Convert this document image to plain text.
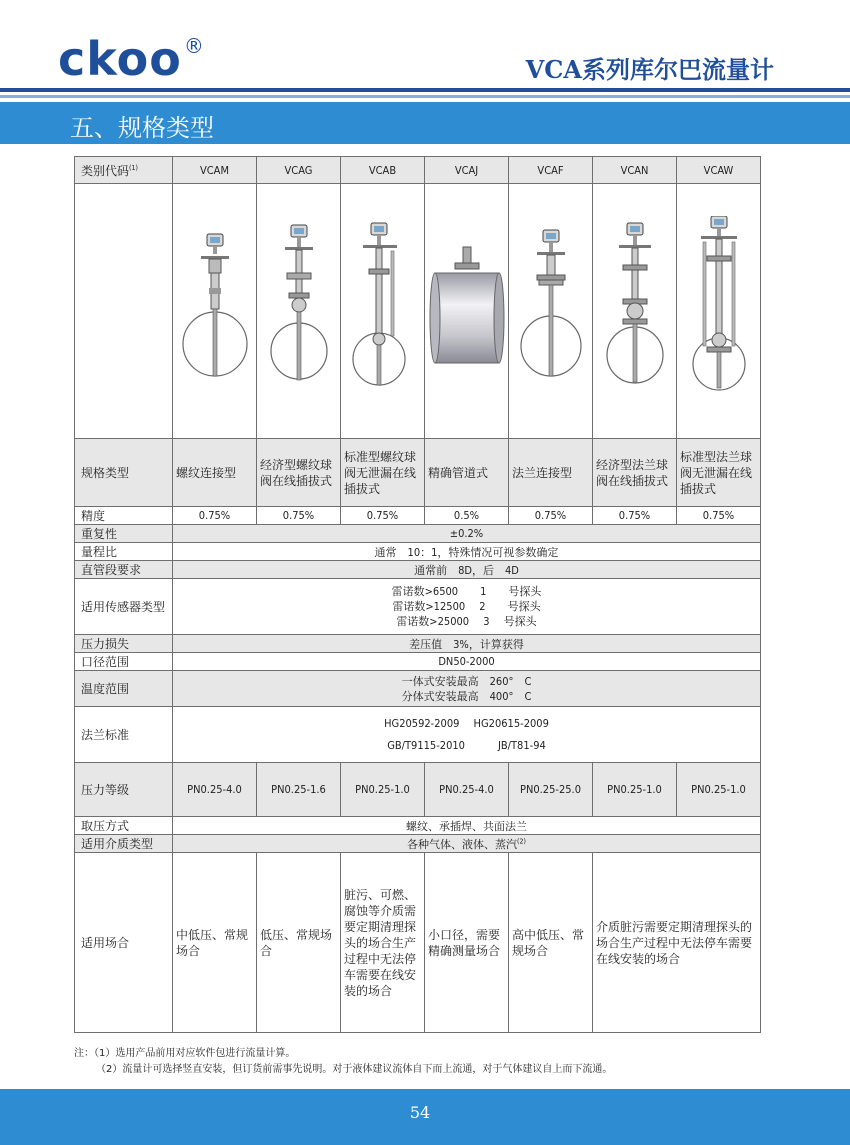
ckoo ®
VCA系列库尔巴流量计
五、规格类型
类别代码$^{(1)}$	VCAM	VCAG	VCAB	VCAJ	VCAF	VCAN	VCAW

规格类型	螺纹连接型	经济型螺纹球阀在线插拔式	标准型螺纹球阀无泄漏在线插拔式	精确管道式	法兰连接型	经济型法兰球阀在线插拔式	标准型法兰球阀无泄漏在线插拔式
精度	0.75%	0.75%	0.75%	0.5%	0.75%	0.75%	0.75%
重复性	±0.2%						
量程比	通常　10：1，特殊情况可视参数确定						
直管段要求	通常前　8D，后　4D						
适用传感器类型	雷诺数>6500　　1　　号探头
雷诺数>12500　 2　　号探头
雷诺数>25000　 3　 号探头						

压力损失	差压值　3%，计算获得						
口径范围	DN50-2000						
温度范围	一体式安装最高　260°　C
分体式安装最高　400°　C						

法兰标准	HG20592-2009　 HG20615-2009
GB/T9115-2010　　　JB/T81-94						

压力等级	PN0.25-4.0	PN0.25-1.6	PN0.25-1.0	PN0.25-4.0	PN0.25-25.0	PN0.25-1.0	PN0.25-1.0
取压方式	螺纹、承插焊、共面法兰						
适用介质类型	各种气体、液体、蒸汽$^{(2)}$
适用场合	中低压、常规场合	低压、常规场合	脏污、可燃、腐蚀等介质需要定期清理探头的场合生产过程中无法停车需要在线安装的场合	小口径，需要精确测量场合	高中低压、常规场合	介质脏污需要定期清理探头的场合生产过程中无法停车需要在线安装的场合	
注：（1）选用产品前用对应软件包进行流量计算。
（2）流量计可选择竖直安装，但订货前需事先说明。对于液体建议流体自下而上流通，对于气体建议自上而下流通。
54
